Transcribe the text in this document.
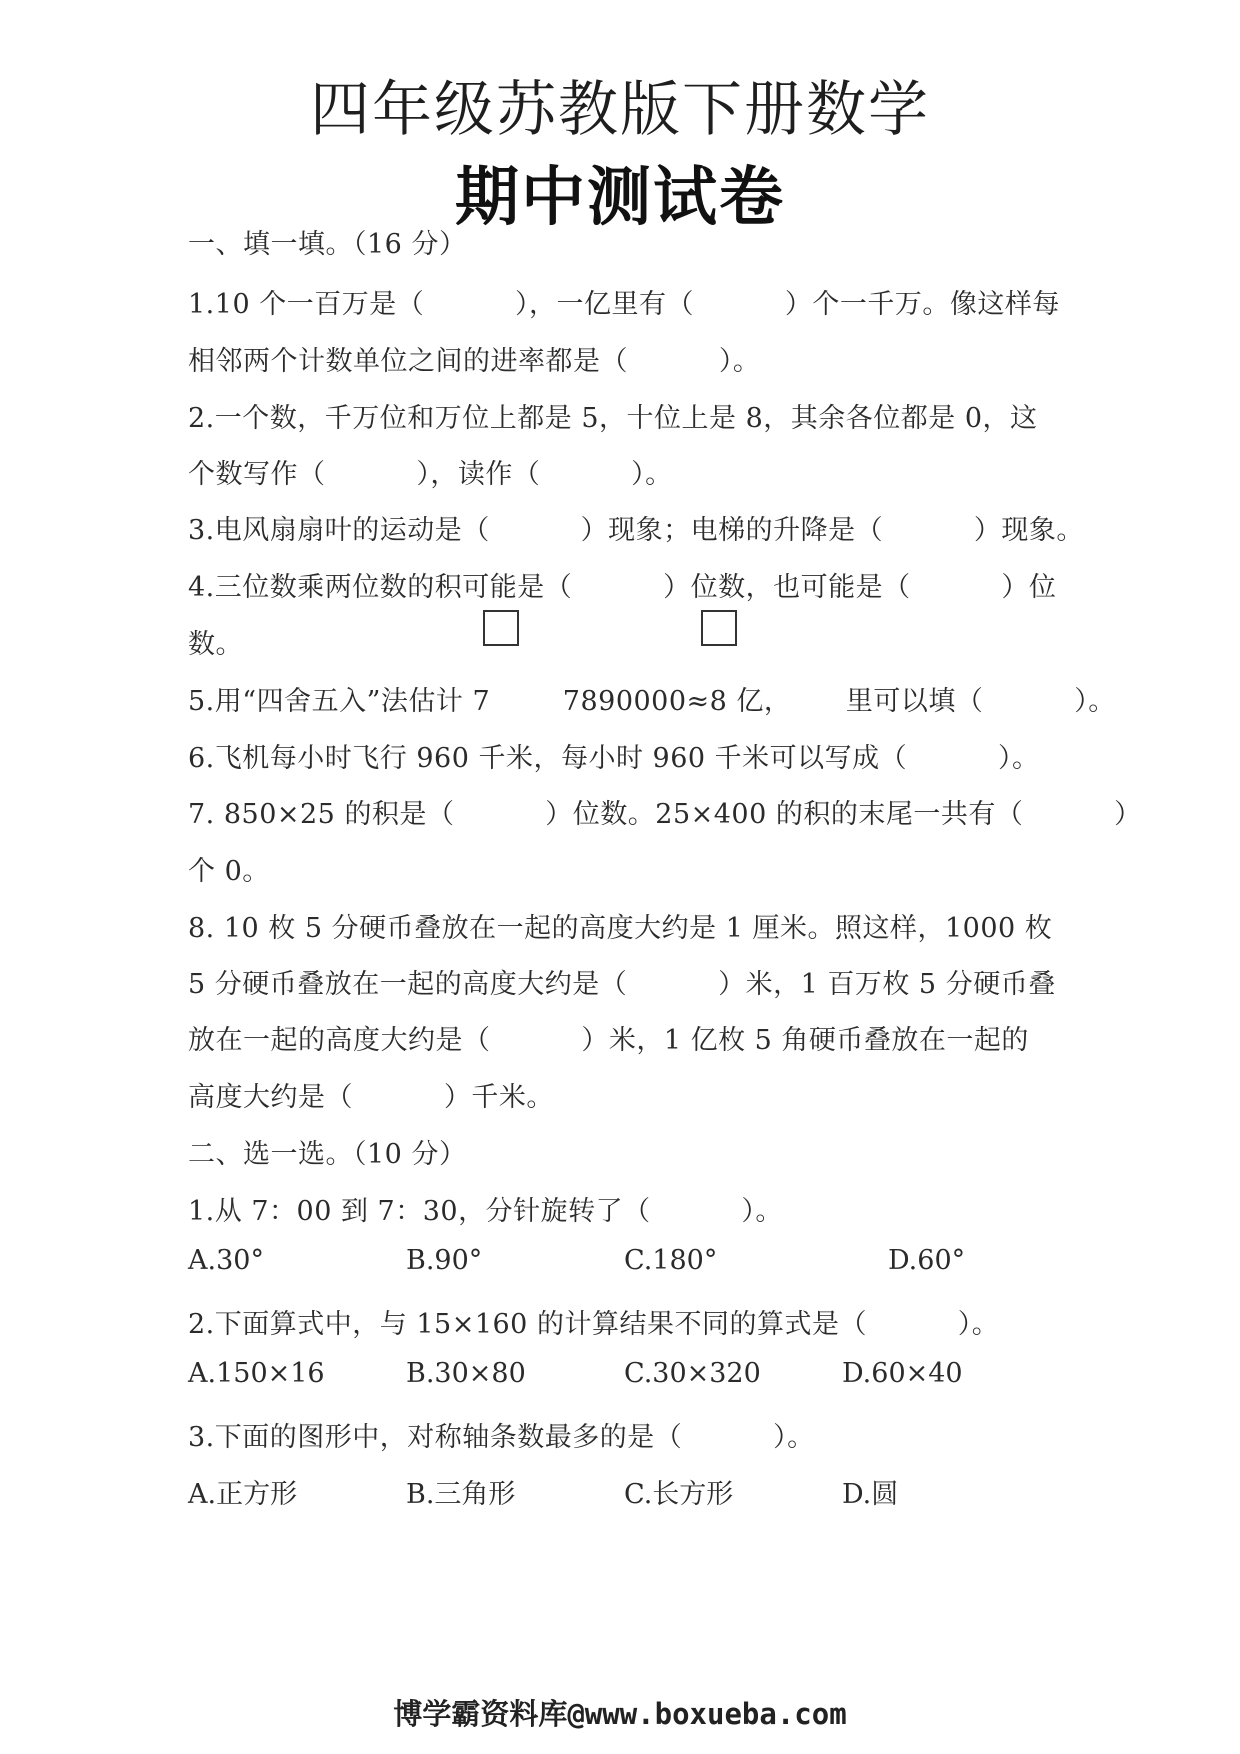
四年级苏教版下册数学
期中测试卷
一、填一填。（16 分）
1.10 个一百万是（          ），一亿里有（          ）个一千万。像这样每
相邻两个计数单位之间的进率都是（          ）。
2.一个数，千万位和万位上都是 5，十位上是 8，其余各位都是 0，这
个数写作（          ），读作（          ）。
3.电风扇扇叶的运动是（          ）现象；电梯的升降是（          ）现象。
4.三位数乘两位数的积可能是（          ）位数，也可能是（          ）位
数。
5.用“四舍五入”法估计 7        7890000≈8 亿，      里可以填（          ）。
6.飞机每小时飞行 960 千米，每小时 960 千米可以写成（          ）。
7. 850×25 的积是（          ）位数。25×400 的积的末尾一共有（          ）
个 0。
8. 10 枚 5 分硬币叠放在一起的高度大约是 1 厘米。照这样，1000 枚
5 分硬币叠放在一起的高度大约是（          ）米，1 百万枚 5 分硬币叠
放在一起的高度大约是（          ）米，1 亿枚 5 角硬币叠放在一起的
高度大约是（          ）千米。
二、选一选。（10 分）
1.从 7：00 到 7：30，分针旋转了（          ）。
A.30°	B.90°	C.180°	D.60°
2.下面算式中，与 15×160 的计算结果不同的算式是（          ）。
A.150×16	B.30×80	C.30×320	D.60×40
3.下面的图形中，对称轴条数最多的是（          ）。
A.正方形	B.三角形	C.长方形	D.圆
博学霸资料库@www.boxueba.com
